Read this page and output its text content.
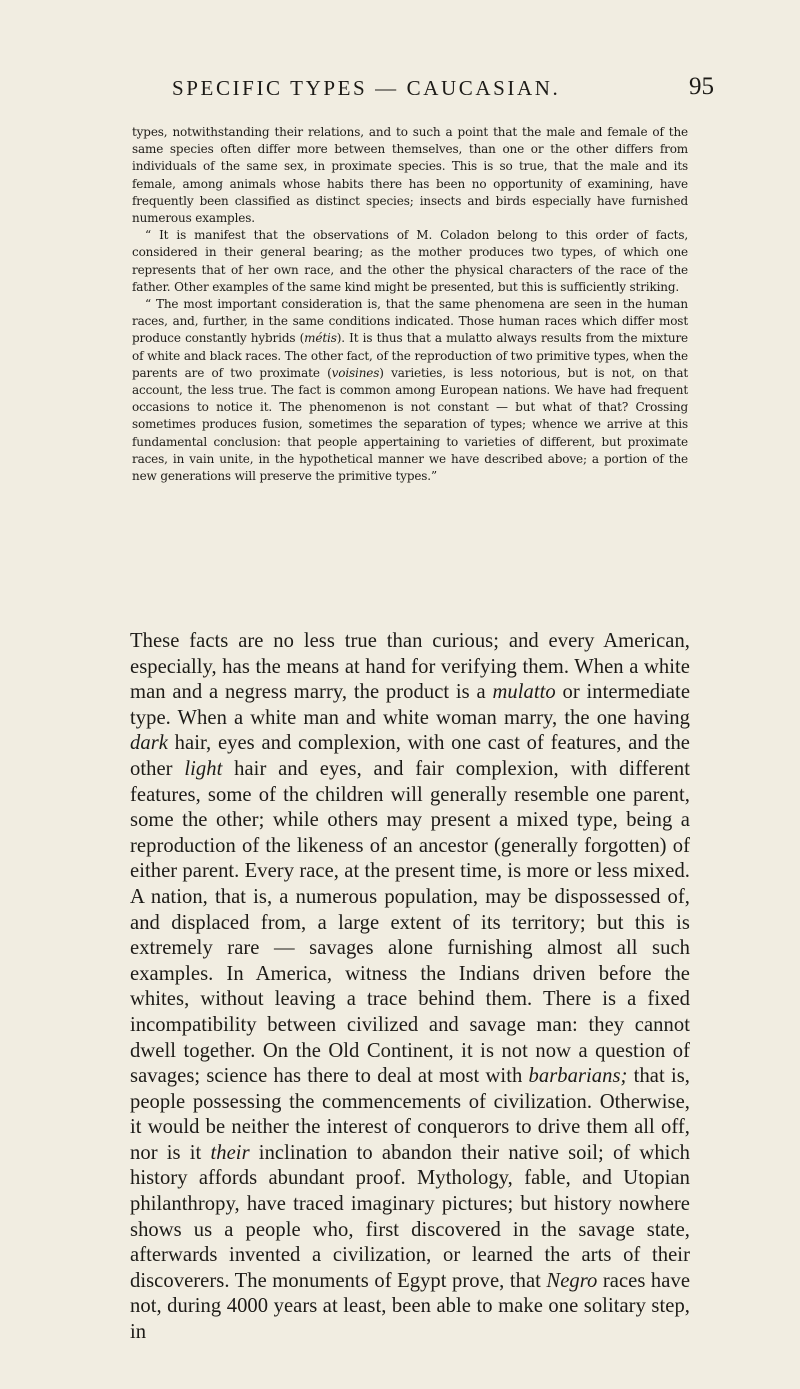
SPECIFIC TYPES — CAUCASIAN.	95

types, notwithstanding their relations, and to such a point that the male and female of the same species often differ more between themselves, than one or the other differs from individuals of the same sex, in proximate species. This is so true, that the male and its female, among animals whose habits there has been no opportunity of examining, have frequently been classified as distinct species; insects and birds especially have furnished numerous examples.

“ It is manifest that the observations of M. Coladon belong to this order of facts, considered in their general bearing; as the mother produces two types, of which one represents that of her own race, and the other the physical characters of the race of the father. Other examples of the same kind might be presented, but this is sufficiently striking.

“ The most important consideration is, that the same phenomena are seen in the human races, and, further, in the same conditions indicated. Those human races which differ most produce constantly hybrids (métis). It is thus that a mulatto always results from the mixture of white and black races. The other fact, of the reproduction of two primitive types, when the parents are of two proximate (voisines) varieties, is less notorious, but is not, on that account, the less true. The fact is common among European nations. We have had frequent occasions to notice it. The phenomenon is not constant — but what of that? Crossing sometimes produces fusion, sometimes the separation of types; whence we arrive at this fundamental conclusion: that people appertaining to varieties of different, but proximate races, in vain unite, in the hypothetical manner we have described above; a portion of the new generations will preserve the primitive types.”

These facts are no less true than curious; and every American, especially, has the means at hand for verifying them. When a white man and a negress marry, the product is a mulatto or intermediate type. When a white man and white woman marry, the one having dark hair, eyes and complexion, with one cast of features, and the other light hair and eyes, and fair complexion, with different features, some of the children will generally resemble one parent, some the other; while others may present a mixed type, being a reproduction of the likeness of an ancestor (generally forgotten) of either parent. Every race, at the present time, is more or less mixed. A nation, that is, a numerous population, may be dispossessed of, and displaced from, a large extent of its territory; but this is extremely rare — savages alone furnishing almost all such examples. In America, witness the Indians driven before the whites, without leaving a trace behind them. There is a fixed incompatibility between civilized and savage man: they cannot dwell together. On the Old Continent, it is not now a question of savages; science has there to deal at most with barbarians; that is, people possessing the commencements of civilization. Otherwise, it would be neither the interest of conquerors to drive them all off, nor is it their inclination to abandon their native soil; of which history affords abundant proof. Mythology, fable, and Utopian philanthropy, have traced imaginary pictures; but history nowhere shows us a people who, first discovered in the savage state, afterwards invented a civilization, or learned the arts of their discoverers. The monuments of Egypt prove, that Negro races have not, during 4000 years at least, been able to make one solitary step, in
